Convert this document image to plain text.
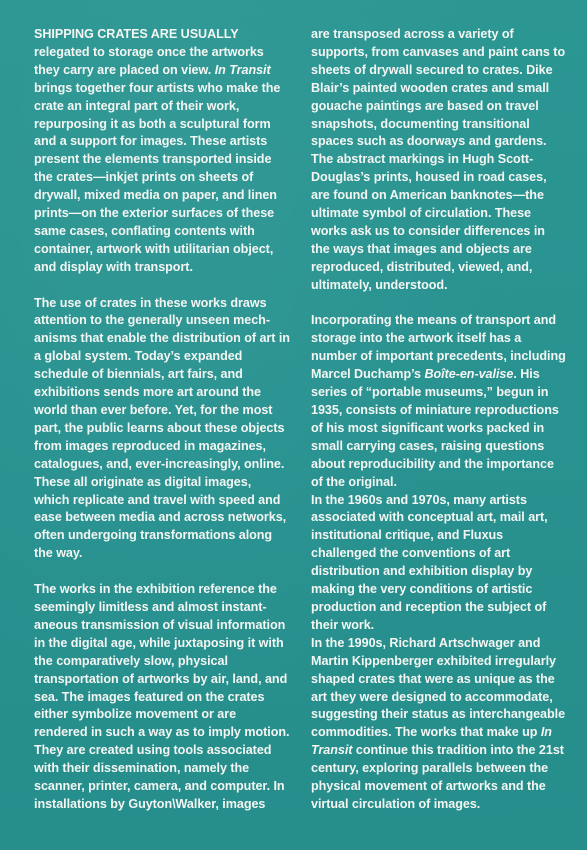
SHIPPING CRATES ARE USUALLY
relegated to storage once the artworks they carry are placed on view. In Transit brings together four artists who make the crate an integral part of their work, repurposing it as both a sculptural form and a support for images. These artists present the elements transported inside the crates—inkjet prints on sheets of drywall, mixed media on paper, and linen prints—on the exterior surfaces of these same cases, conflating contents with container, artwork with utilitarian object, and display with transport.

The use of crates in these works draws attention to the generally unseen mechanisms that enable the distribution of art in a global system. Today’s expanded schedule of biennials, art fairs, and exhibitions sends more art around the world than ever before. Yet, for the most part, the public learns about these objects from images reproduced in magazines, catalogues, and, ever-increasingly, online. These all originate as digital images, which replicate and travel with speed and ease between media and across networks, often undergoing transformations along the way.

The works in the exhibition reference the seemingly limitless and almost instantaneous transmission of visual information in the digital age, while juxtaposing it with the comparatively slow, physical transportation of artworks by air, land, and sea. The images featured on the crates either symbolize movement or are rendered in such a way as to imply motion. They are created using tools associated with their dissemination, namely the scanner, printer, camera, and computer. In installations by Guyton\Walker, images

are transposed across a variety of supports, from canvases and paint cans to sheets of drywall secured to crates. Dike Blair’s painted wooden crates and small gouache paintings are based on travel snapshots, documenting transitional spaces such as doorways and gardens. The abstract markings in Hugh Scott-Douglas’s prints, housed in road cases, are found on American banknotes—the ultimate symbol of circulation. These works ask us to consider differences in the ways that images and objects are reproduced, distributed, viewed, and, ultimately, understood.

Incorporating the means of transport and storage into the artwork itself has a number of important precedents, including Marcel Duchamp’s Boîte-en-valise. His series of “portable museums,” begun in 1935, consists of miniature reproductions of his most significant works packed in small carrying cases, raising questions about reproducibility and the importance of the original.

In the 1960s and 1970s, many artists associated with conceptual art, mail art, institutional critique, and Fluxus challenged the conventions of art distribution and exhibition display by making the very conditions of artistic production and reception the subject of their work.

In the 1990s, Richard Artschwager and Martin Kippenberger exhibited irregularly shaped crates that were as unique as the art they were designed to accommodate, suggesting their status as interchangeable commodities. The works that make up In Transit continue this tradition into the 21st century, exploring parallels between the physical movement of artworks and the virtual circulation of images.
